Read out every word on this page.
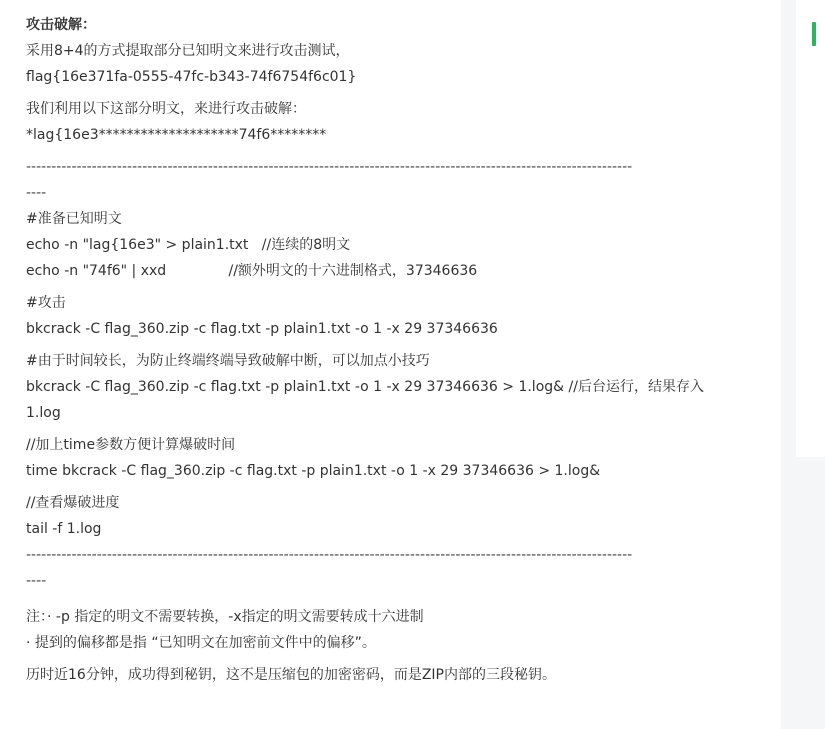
攻击破解：

采用8+4的方式提取部分已知明文来进行攻击测试，

flag{16e371fa-0555-47fc-b343-74f6754f6c01}

我们利用以下这部分明文，来进行攻击破解：

*lag{16e3********************74f6********

------------------------------------------------------------------------------------------------------------------------

----

#准备已知明文

echo -n "lag{16e3" > plain1.txt   //连续的8明文

echo -n "74f6" | xxd              //额外明文的十六进制格式，37346636

#攻击

bkcrack -C flag_360.zip -c flag.txt -p plain1.txt -o 1 -x 29 37346636

#由于时间较长，为防止终端终端导致破解中断，可以加点小技巧

bkcrack -C flag_360.zip -c flag.txt -p plain1.txt -o 1 -x 29 37346636 > 1.log& //后台运行，结果存入

1.log

//加上time参数方便计算爆破时间

time bkcrack -C flag_360.zip -c flag.txt -p plain1.txt -o 1 -x 29 37346636 > 1.log&

//查看爆破进度

tail -f 1.log

------------------------------------------------------------------------------------------------------------------------

----

注：· -p 指定的明文不需要转换，-x指定的明文需要转成十六进制

· 提到的偏移都是指 “已知明文在加密前文件中的偏移”。

历时近16分钟，成功得到秘钥，这不是压缩包的加密密码，而是ZIP内部的三段秘钥。
